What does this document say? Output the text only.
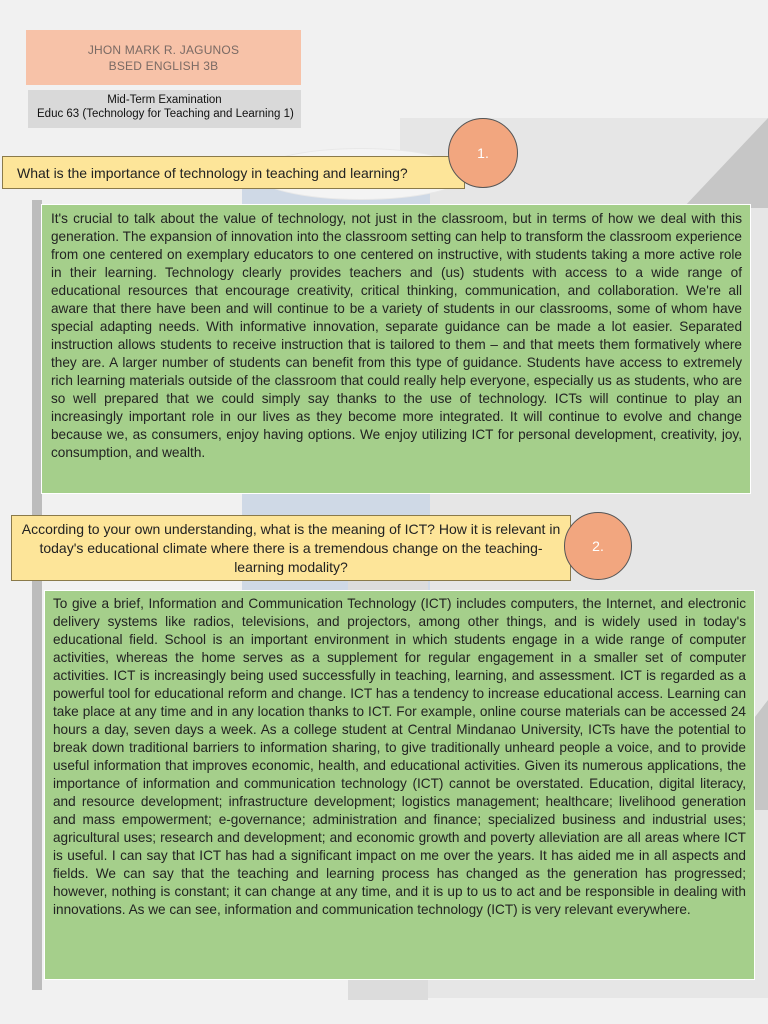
JHON MARK R. JAGUNOS
BSED ENGLISH 3B
Mid-Term Examination
Educ 63 (Technology for Teaching and Learning 1)
What is the importance of technology in teaching and learning?
1.
It's crucial to talk about the value of technology, not just in the classroom, but in terms of how we deal with this generation. The expansion of innovation into the classroom setting can help to transform the classroom experience from one centered on exemplary educators to one centered on instructive, with students taking a more active role in their learning. Technology clearly provides teachers and (us) students with access to a wide range of educational resources that encourage creativity, critical thinking, communication, and collaboration. We're all aware that there have been and will continue to be a variety of students in our classrooms, some of whom have special adapting needs. With informative innovation, separate guidance can be made a lot easier. Separated instruction allows students to receive instruction that is tailored to them – and that meets them formatively where they are. A larger number of students can benefit from this type of guidance. Students have access to extremely rich learning materials outside of the classroom that could really help everyone, especially us as students, who are so well prepared that we could simply say thanks to the use of technology. ICTs will continue to play an increasingly important role in our lives as they become more integrated. It will continue to evolve and change because we, as consumers, enjoy having options. We enjoy utilizing ICT for personal development, creativity, joy, consumption, and wealth.
According to your own understanding, what is the meaning of ICT? How it is relevant in today's educational climate where there is a tremendous change on the teaching-learning modality?
2.
To give a brief, Information and Communication Technology (ICT) includes computers, the Internet, and electronic delivery systems like radios, televisions, and projectors, among other things, and is widely used in today's educational field. School is an important environment in which students engage in a wide range of computer activities, whereas the home serves as a supplement for regular engagement in a smaller set of computer activities. ICT is increasingly being used successfully in teaching, learning, and assessment. ICT is regarded as a powerful tool for educational reform and change. ICT has a tendency to increase educational access. Learning can take place at any time and in any location thanks to ICT. For example, online course materials can be accessed 24 hours a day, seven days a week. As a college student at Central Mindanao University, ICTs have the potential to break down traditional barriers to information sharing, to give traditionally unheard people a voice, and to provide useful information that improves economic, health, and educational activities. Given its numerous applications, the importance of information and communication technology (ICT) cannot be overstated. Education, digital literacy, and resource development; infrastructure development; logistics management; healthcare; livelihood generation and mass empowerment; e-governance; administration and finance; specialized business and industrial uses; agricultural uses; research and development; and economic growth and poverty alleviation are all areas where ICT is useful. I can say that ICT has had a significant impact on me over the years. It has aided me in all aspects and fields. We can say that the teaching and learning process has changed as the generation has progressed; however, nothing is constant; it can change at any time, and it is up to us to act and be responsible in dealing with innovations. As we can see, information and communication technology (ICT) is very relevant everywhere.
